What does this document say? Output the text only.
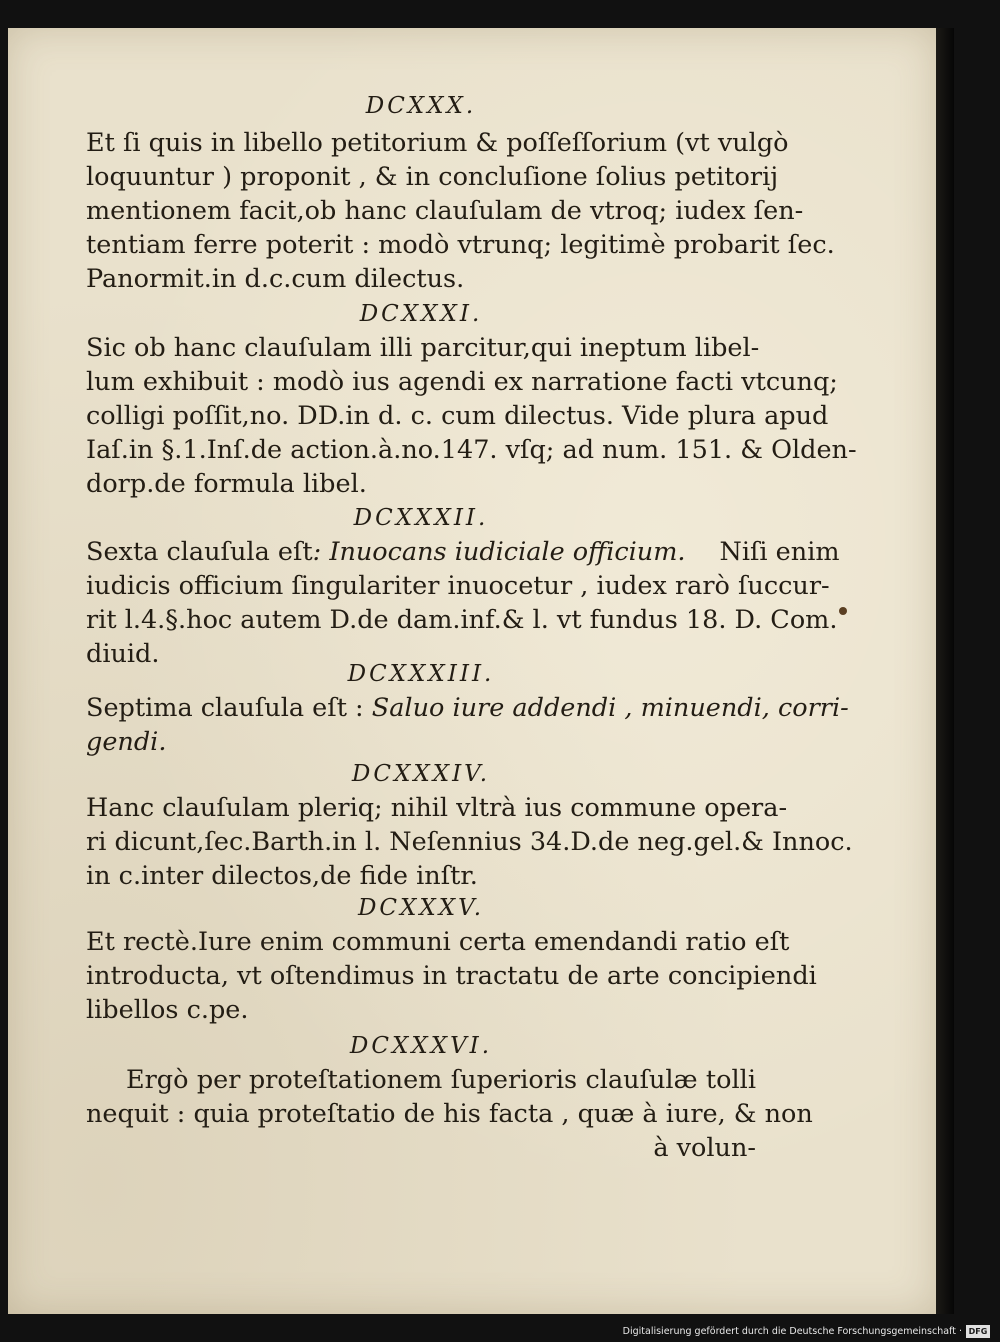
DCXXX.
Et ſi quis in libello petitorium & poſſeſſorium (vt vulgò
loquuntur ) proponit , & in concluſione ſolius petitorij
mentionem facit,ob hanc clauſulam de vtroq; iudex ſen-
tentiam ferre poterit : modò vtrunq; legitimè probarit ſec.
Panormit.in d.c.cum dilectus.
DCXXXI.
Sic ob hanc clauſulam illi parcitur,qui ineptum libel-
lum exhibuit : modò ius agendi ex narratione facti vtcunq;
colligi poſſit,no. DD.in d. c. cum dilectus. Vide plura apud
Iaſ.in §.1.Inſ.de action.à.no.147. vſq; ad num. 151. & Olden-
dorp.de formula libel.
DCXXXII.
Sexta clauſula eſt: Inuocans iudiciale officium. Niſi enim
iudicis officium ſingulariter inuocetur , iudex rarò ſuccur-
rit l.4.§.hoc autem D.de dam.inf.& l. vt fundus 18. D. Com.
diuid.
DCXXXIII.
Septima clauſula eſt : Saluo iure addendi , minuendi, corri-
gendi.
DCXXXIV.
Hanc clauſulam pleriq; nihil vltrà ius commune opera-
ri dicunt,ſec.Barth.in l. Neſennius 34.D.de neg.gel.& Innoc.
in c.inter dilectos,de fide inſtr.
DCXXXV.
Et rectè.Iure enim communi certa emendandi ratio eſt
introducta, vt oſtendimus in tractatu de arte concipiendi
libellos c.pe.
DCXXXVI.
Ergò per proteſtationem ſuperioris clauſulæ tolli
nequit : quia proteſtatio de his facta , quæ à iure, & non
à volun-
Digitalisierung gefördert durch die Deutsche Forschungsgemeinschaft · DFG
